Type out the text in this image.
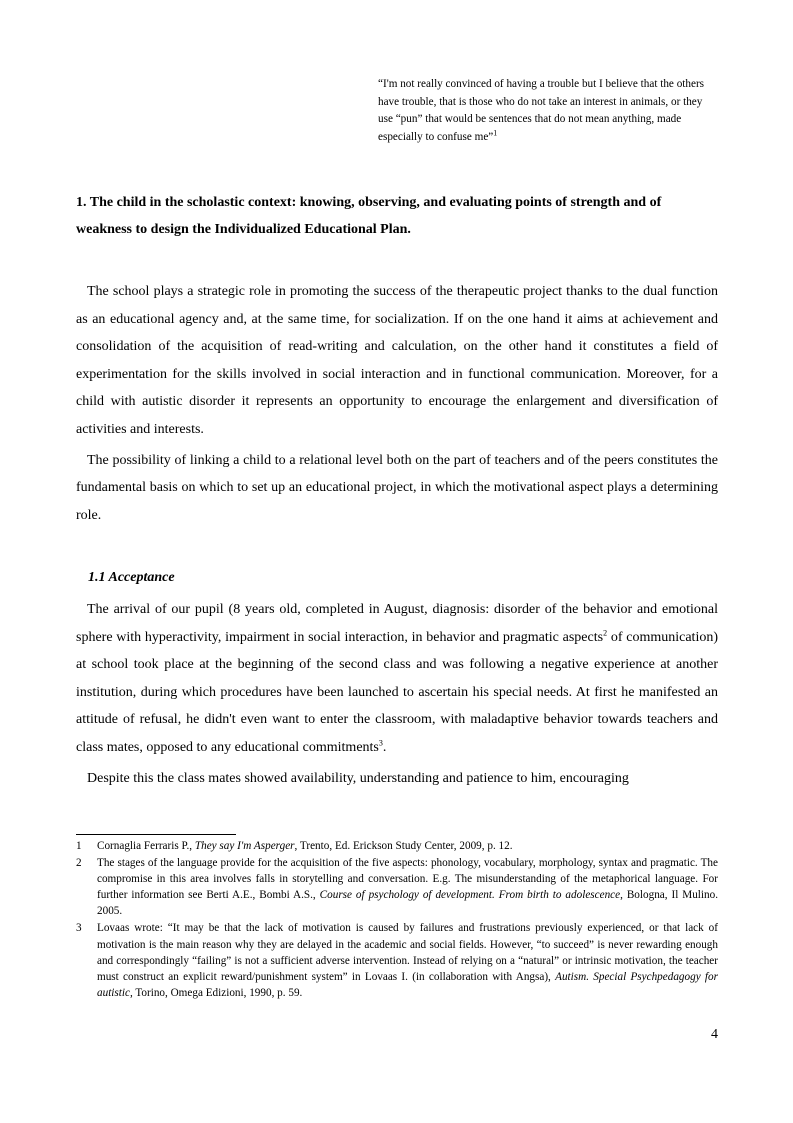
“I'm not really convinced of having a trouble but I believe that the others have trouble, that is those who do not take an interest in animals, or they use “pun” that would be sentences that do not mean anything, made especially to confuse me”$^1$
1. The child in the scholastic context: knowing, observing, and evaluating points of strength and of weakness to design the Individualized Educational Plan.

The school plays a strategic role in promoting the success of the therapeutic project thanks to the dual function as an educational agency and, at the same time, for socialization. If on the one hand it aims at achievement and consolidation of the acquisition of read-writing and calculation, on the other hand it constitutes a field of experimentation for the skills involved in social interaction and in functional communication. Moreover, for a child with autistic disorder it represents an opportunity to encourage the enlargement and diversification of activities and interests.

The possibility of linking a child to a relational level both on the part of teachers and of the peers constitutes the fundamental basis on which to set up an educational project, in which the motivational aspect plays a determining role.

1.1 Acceptance

The arrival of our pupil (8 years old, completed in August, diagnosis: disorder of the behavior and emotional sphere with hyperactivity, impairment in social interaction, in behavior and pragmatic aspects$^2$ of communication) at school took place at the beginning of the second class and was following a negative experience at another institution, during which procedures have been launched to ascertain his special needs. At first he manifested an attitude of refusal, he didn't even want to enter the classroom, with maladaptive behavior towards teachers and class mates, opposed to any educational commitments$^3$.

Despite this the class mates showed availability, understanding and patience to him, encouraging

1 Cornaglia Ferraris P., They say I'm Asperger, Trento, Ed. Erickson Study Center, 2009, p. 12.
2 The stages of the language provide for the acquisition of the five aspects: phonology, vocabulary, morphology, syntax and pragmatic. The compromise in this area involves falls in storytelling and conversation. E.g. The misunderstanding of the metaphorical language. For further information see Berti A.E., Bombi A.S., Course of psychology of development. From birth to adolescence, Bologna, Il Mulino. 2005.
3 Lovaas wrote: “It may be that the lack of motivation is caused by failures and frustrations previously experienced, or that lack of motivation is the main reason why they are delayed in the academic and social fields. However, “to succeed” is never rewarding enough and correspondingly “failing” is not a sufficient adverse intervention. Instead of relying on a “natural” or intrinsic motivation, the teacher must construct an explicit reward/punishment system” in Lovaas I. (in collaboration with Angsa), Autism. Special Psychpedagogy for autistic, Torino, Omega Edizioni, 1990, p. 59.
4
